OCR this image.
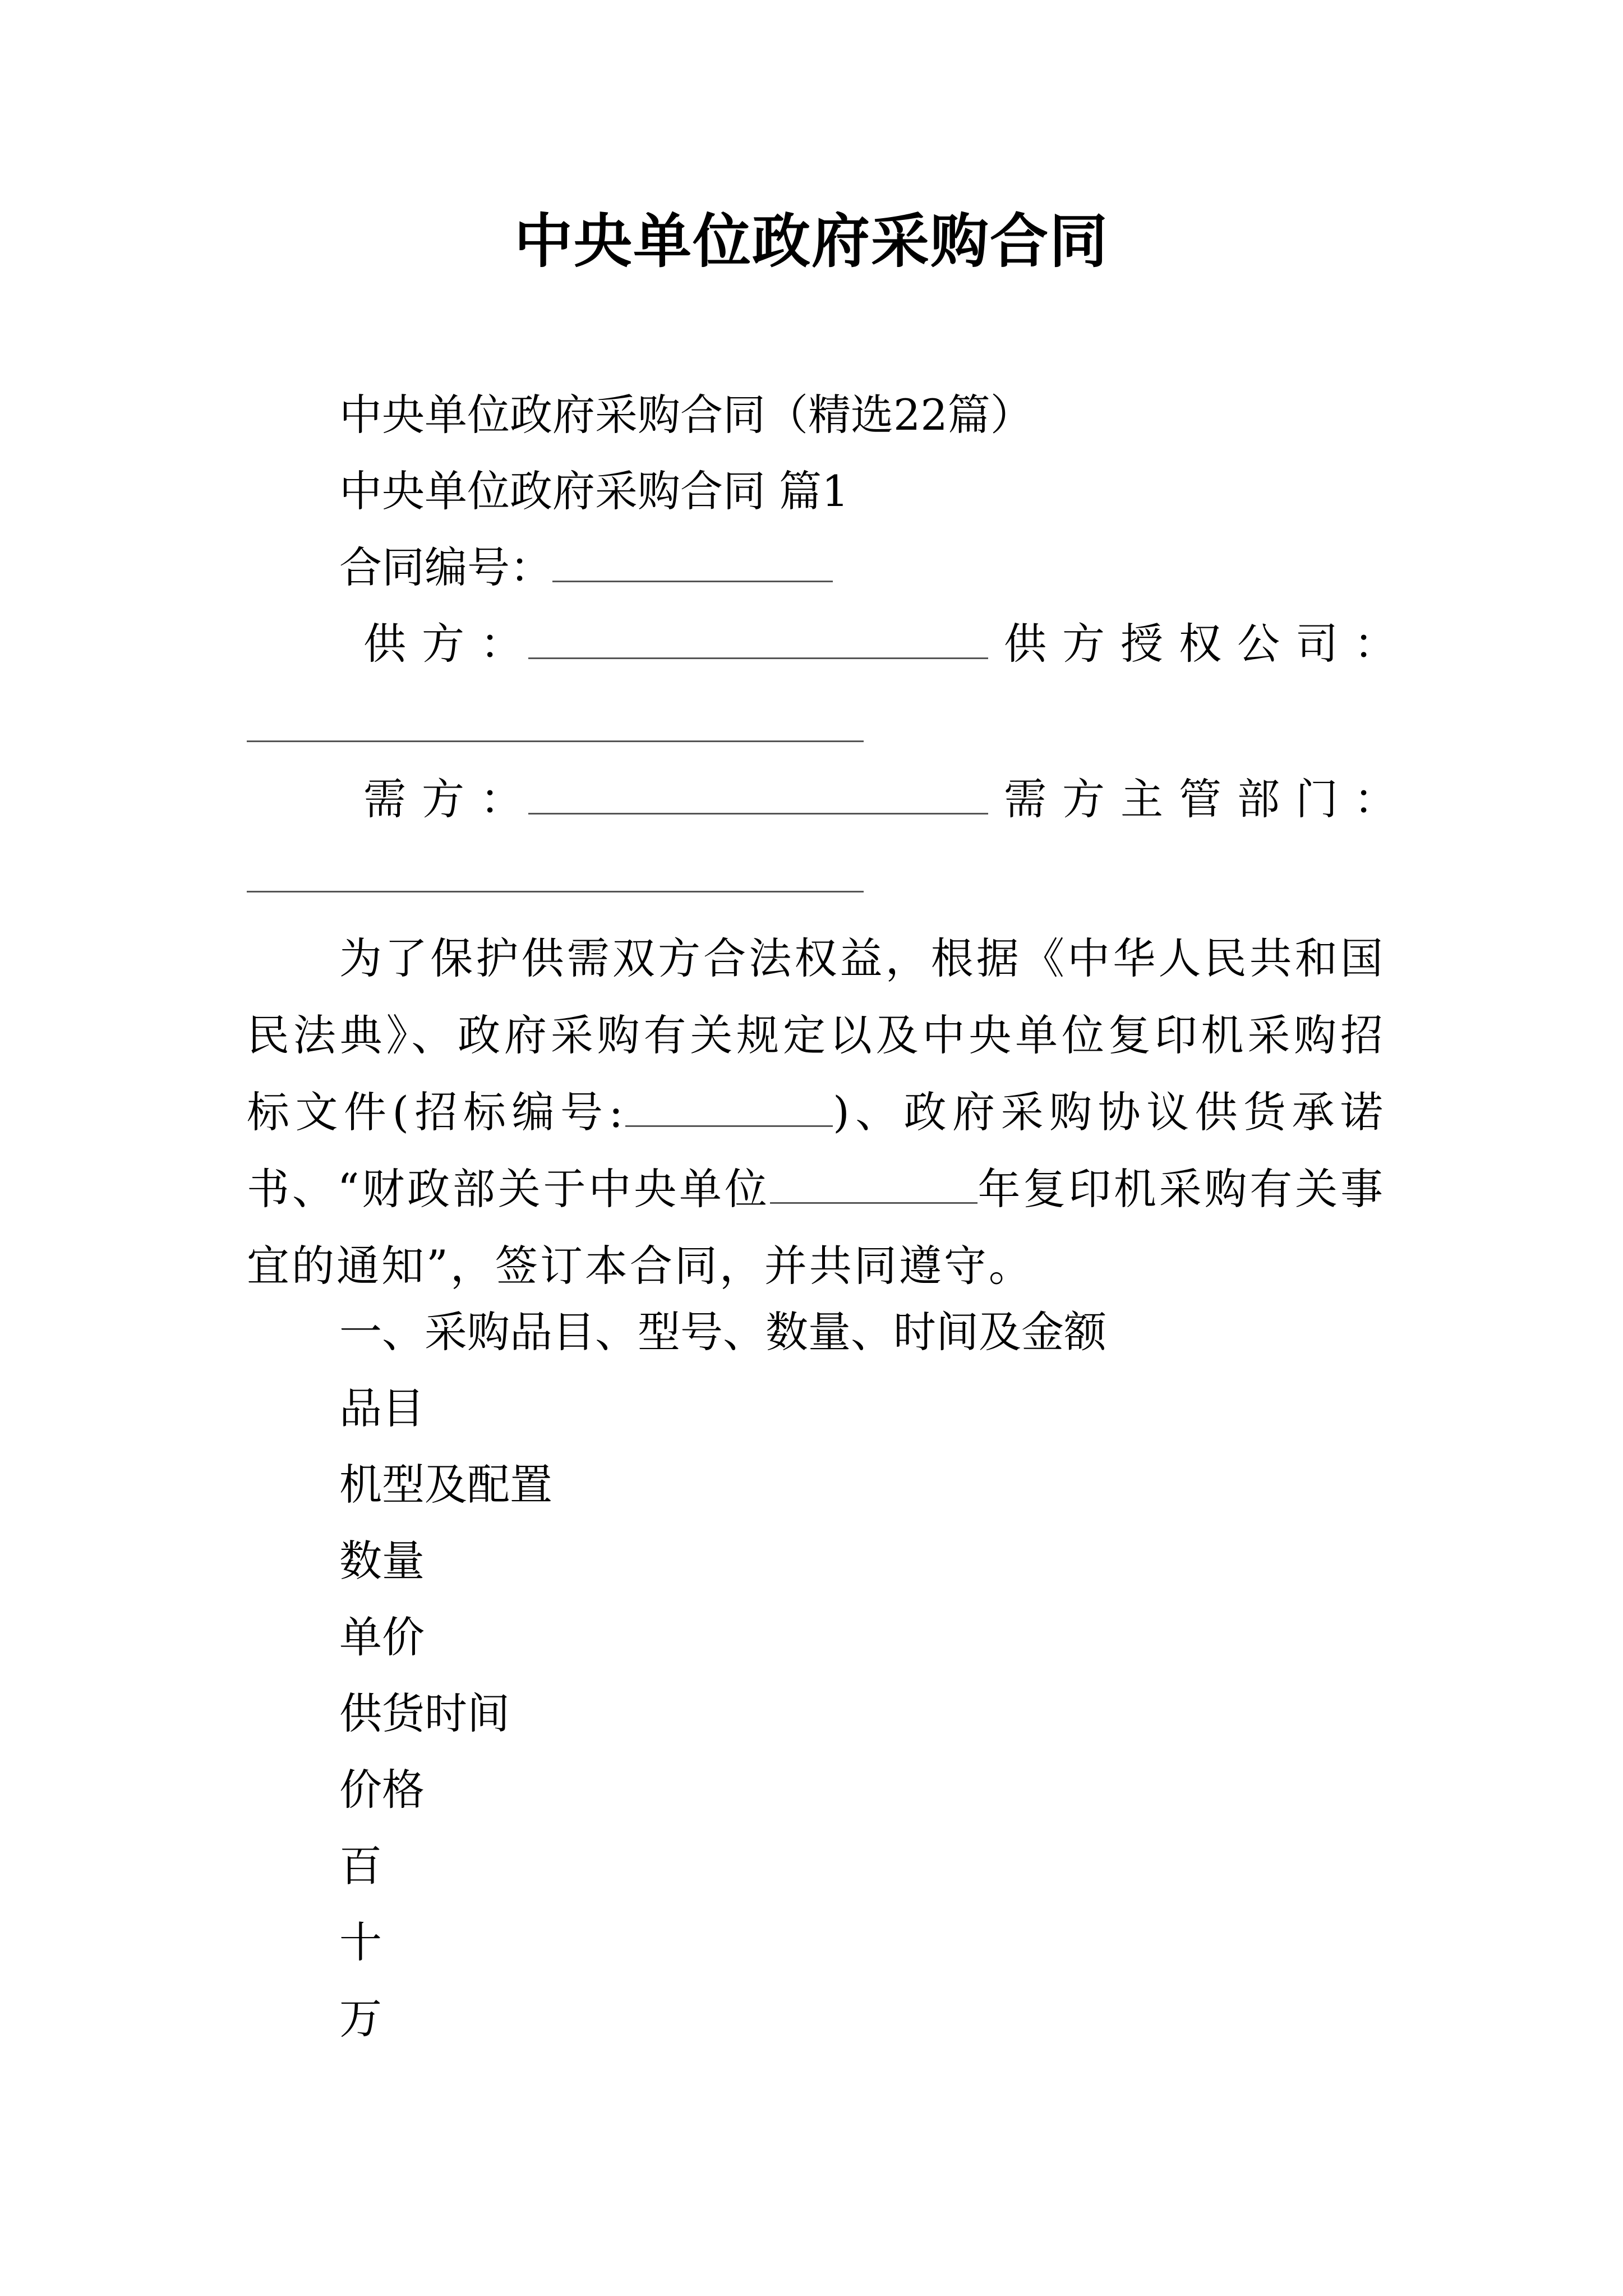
中央单位政府采购合同
中央单位政府采购合同（精选22篇）
中央单位政府采购合同 篇1
合同编号：
供方：	供方授权公司：
需方：	需方主管部门：
为了保护供需双方合法权益，根据《中华人民共和国民法典》、政府采购有关规定以及中央单位复印机采购招标文件(招标编号:	)、政府采购协议供货承诺书、“财政部关于中央单位	年复印机采购有关事宜的通知”，签订本合同，并共同遵守。
一、采购品目、型号、数量、时间及金额
品目
机型及配置
数量
单价
供货时间
价格
百
十
万
